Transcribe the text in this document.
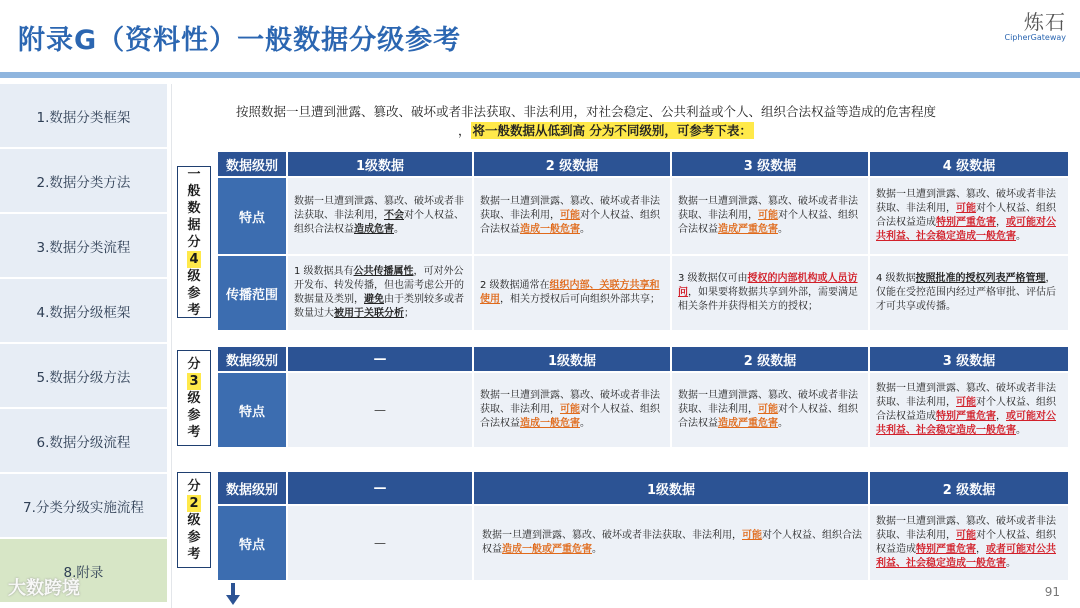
附录G（资料性）一般数据分级参考
炼石
CipherGateway
1.数据分类框架
2.数据分类方法
3.数据分类流程
4.数据分级框架
5.数据分级方法
6.数据分级流程
7.分类分级实施流程
8.附录
按照数据一旦遭到泄露、篡改、破坏或者非法获取、非法利用，对社会稳定、公共利益或个人、组织合法权益等造成的危害程度
， 将一般数据从低到高 分为不同级别，可参考下表：
一
般
数
据
分
4
级
参
考
数据级别	1级数据	2 级数据	3 级数据	4 级数据
特点	数据一旦遭到泄露、篡改、破坏或者非法获取、非法利用，不会对个人权益、组织合法权益造成危害。	数据一旦遭到泄露、篡改、破坏或者非法获取、非法利用，可能对个人权益、组织合法权益造成一般危害。	数据一旦遭到泄露、篡改、破坏或者非法获取、非法利用，可能对个人权益、组织合法权益造成严重危害。	数据一旦遭到泄露、篡改、破坏或者非法获取、非法利用，可能对个人权益、组织合法权益造成特别严重危害，或可能对公共利益、社会稳定造成一般危害。
传播范围	1 级数据具有公共传播属性，可对外公开发布、转发传播，但也需考虑公开的数据量及类别，避免由于类别较多或者数量过大被用于关联分析；	2 级数据通常在组织内部、关联方共享和使用，相关方授权后可向组织外部共享；	3 级数据仅可由授权的内部机构或人员访问，如果要将数据共享到外部，需要满足相关条件并获得相关方的授权；	4 级数据按照批准的授权列表严格管理，仅能在受控范围内经过严格审批、评估后才可共享或传播。
分
3
级
参
考
数据级别	—	1级数据	2 级数据	3 级数据
特点	—	数据一旦遭到泄露、篡改、破坏或者非法获取、非法利用，可能对个人权益、组织合法权益造成一般危害。	数据一旦遭到泄露、篡改、破坏或者非法获取、非法利用，可能对个人权益、组织合法权益造成严重危害。	数据一旦遭到泄露、篡改、破坏或者非法获取、非法利用，可能对个人权益、组织合法权益造成特别严重危害，或可能对公共利益、社会稳定造成一般危害。
分
2
级
参
考
数据级别	—	1级数据	2 级数据
特点	—	数据一旦遭到泄露、篡改、破坏或者非法获取、非法利用，可能对个人权益、组织合法权益造成一般或严重危害。	数据一旦遭到泄露、篡改、破坏或者非法获取、非法利用，可能对个人权益、组织权益造成特别严重危害，或者可能对公共利益、社会稳定造成一般危害。
大数跨境	91
